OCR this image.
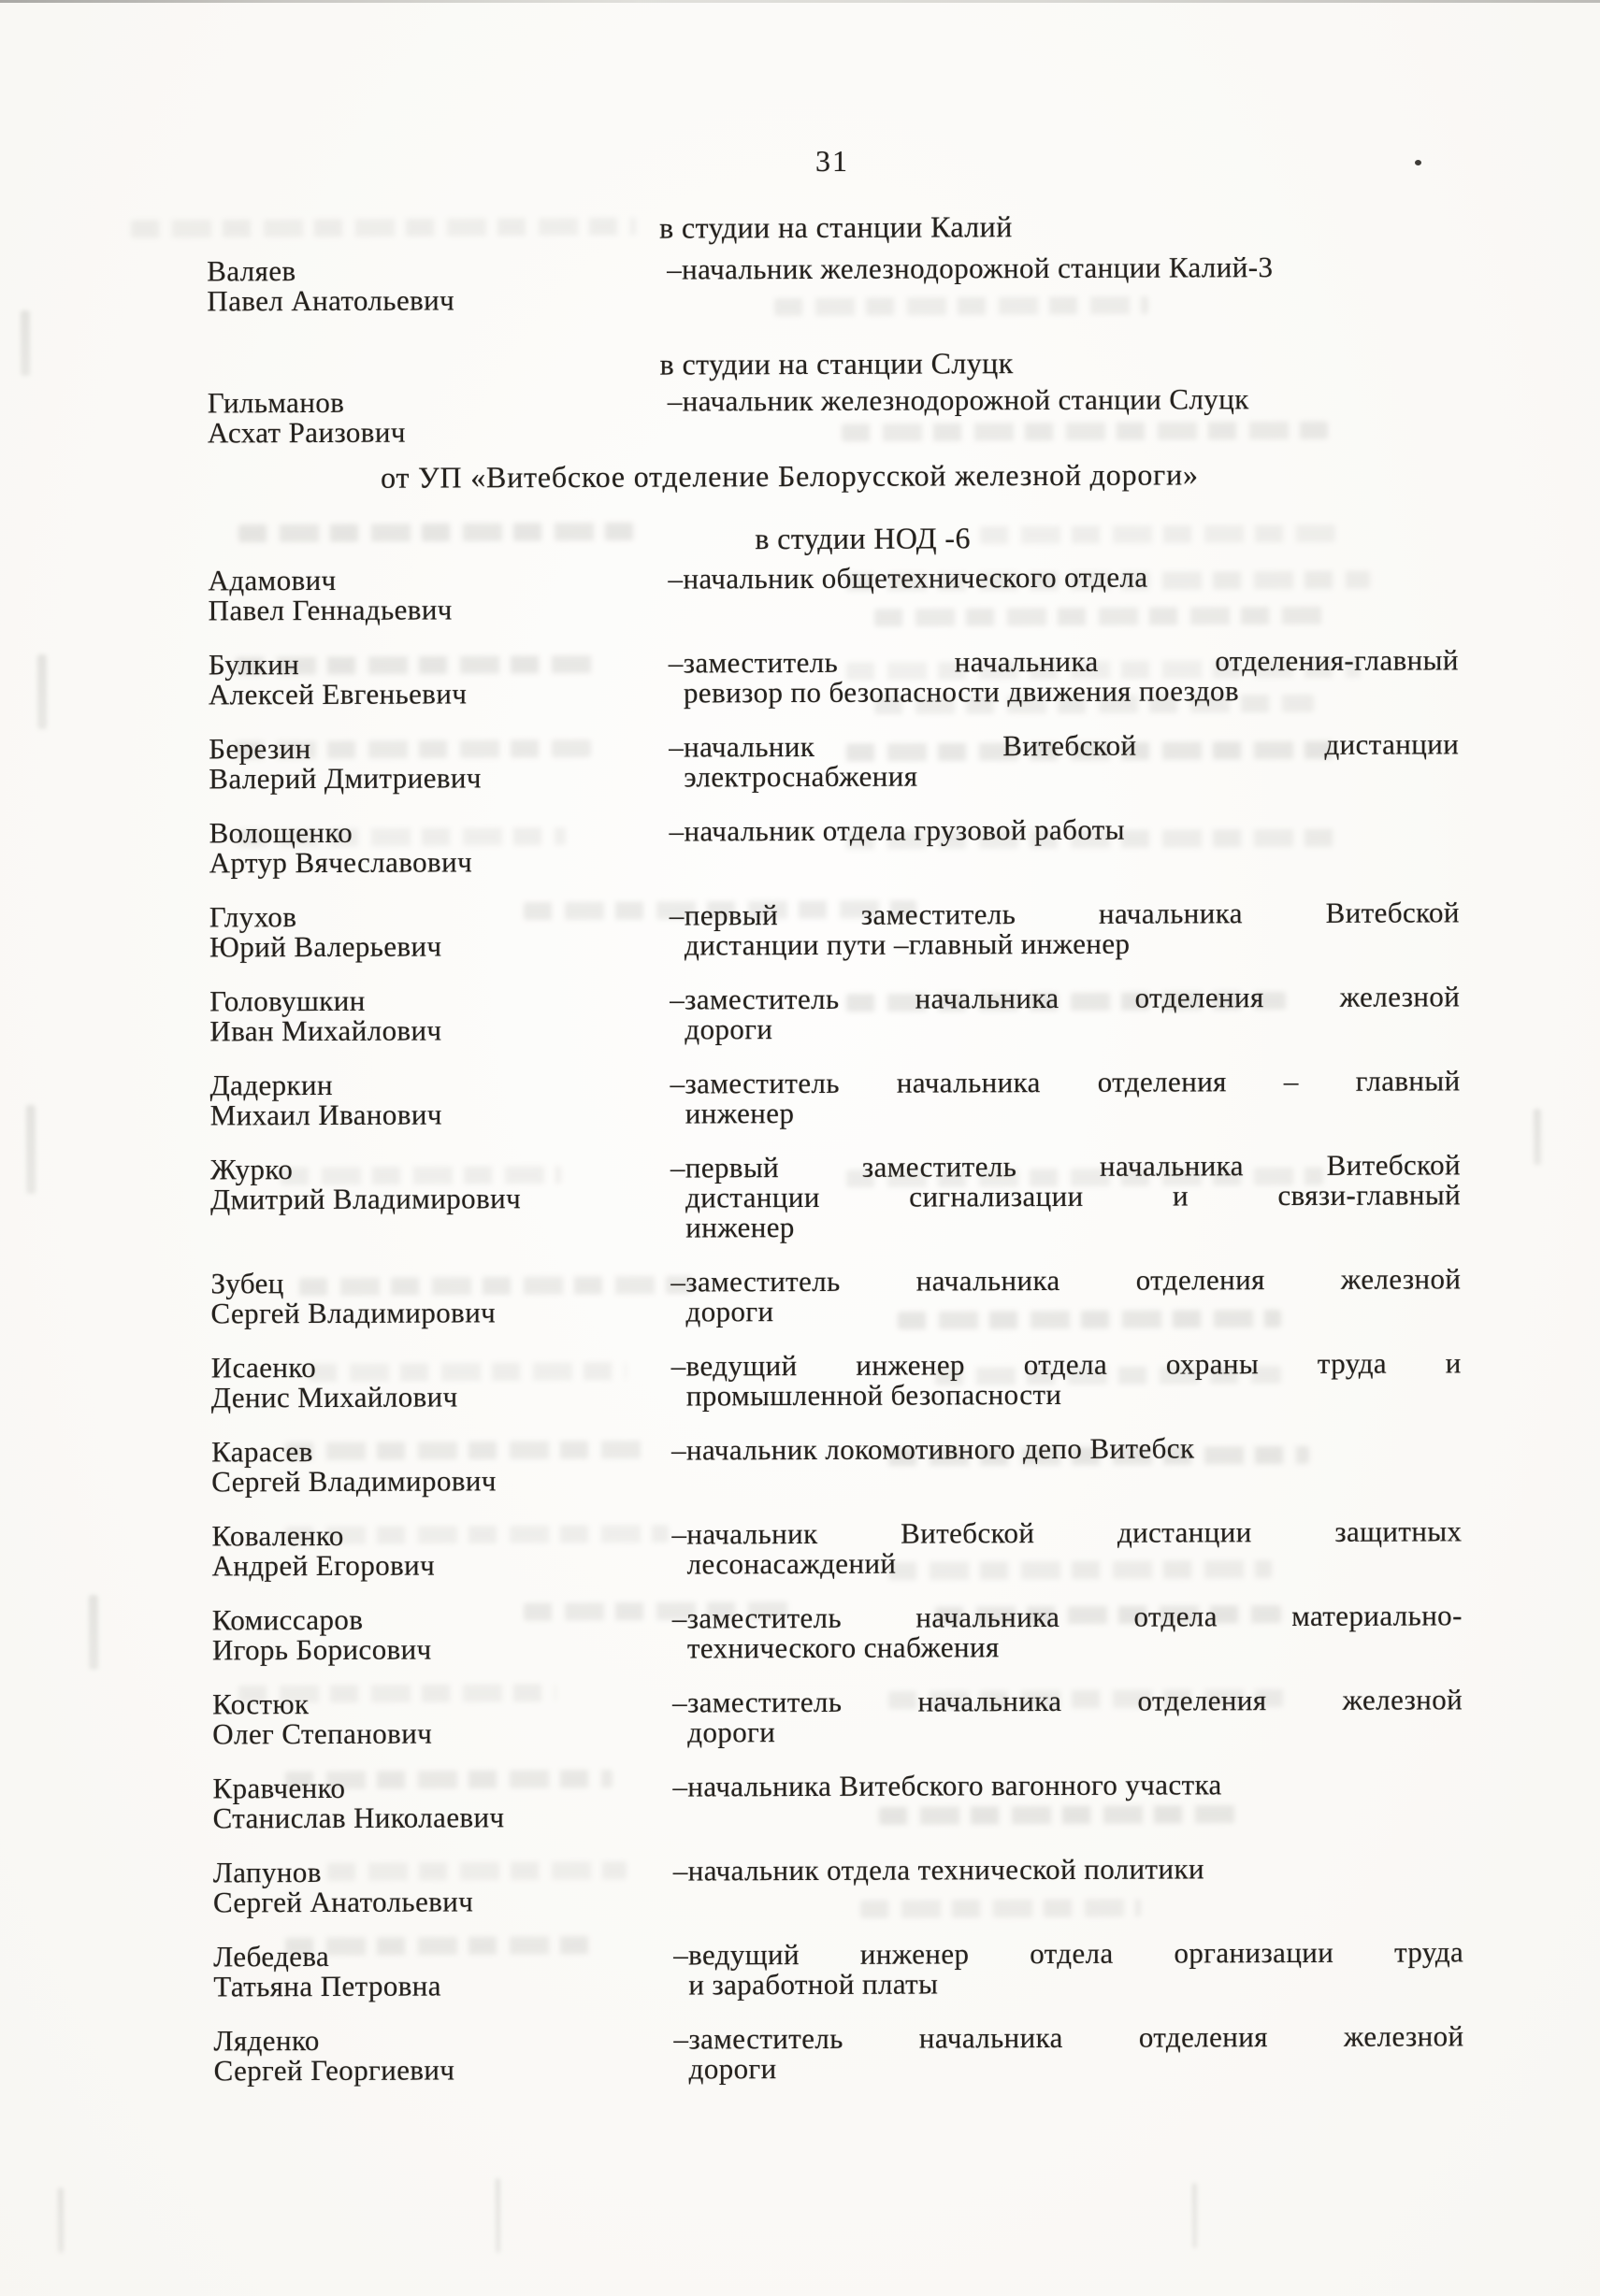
31
в студии на станции Калий
Валяев
Павел Анатольевич
–начальник железнодорожной станции Калий-3
в студии на станции Слуцк
Гильманов
Асхат Раизович
–начальник железнодорожной станции Слуцк
от УП «Витебское отделение Белорусской железной дороги»
в студии НОД -6
Адамович
Павел Геннадьевич
–начальник общетехнического отдела
Булкин
Алексей Евгеньевич
–заместитель начальника отделения-главный
ревизор по безопасности движения поездов
Березин
Валерий Дмитриевич
–начальник Витебской дистанции
электроснабжения
Волощенко
Артур Вячеславович
–начальник отдела грузовой работы
Глухов
Юрий Валерьевич
–первый заместитель начальника Витебской
дистанции пути –главный инженер
Головушкин
Иван Михайлович
–заместитель начальника отделения железной
дороги
Дадеркин
Михаил Иванович
–заместитель начальника отделения – главный
инженер
Журко
Дмитрий Владимирович
–первый заместитель начальника Витебской
дистанции сигнализации и связи-главный
инженер
Зубец
Сергей Владимирович
–заместитель начальника отделения железной
дороги
Исаенко
Денис Михайлович
–ведущий инженер отдела охраны труда и
промышленной безопасности
Карасев
Сергей Владимирович
–начальник локомотивного депо Витебск
Коваленко
Андрей Егорович
–начальник Витебской дистанции защитных
лесонасаждений
Комиссаров
Игорь Борисович
–заместитель начальника отдела материально-
технического снабжения
Костюк
Олег Степанович
–заместитель начальника отделения железной
дороги
Кравченко
Станислав Николаевич
–начальника Витебского вагонного участка
Лапунов
Сергей Анатольевич
–начальник отдела технической политики
Лебедева
Татьяна Петровна
–ведущий инженер отдела организации труда
и заработной платы
Ляденко
Сергей Георгиевич
–заместитель начальника отделения железной
дороги
